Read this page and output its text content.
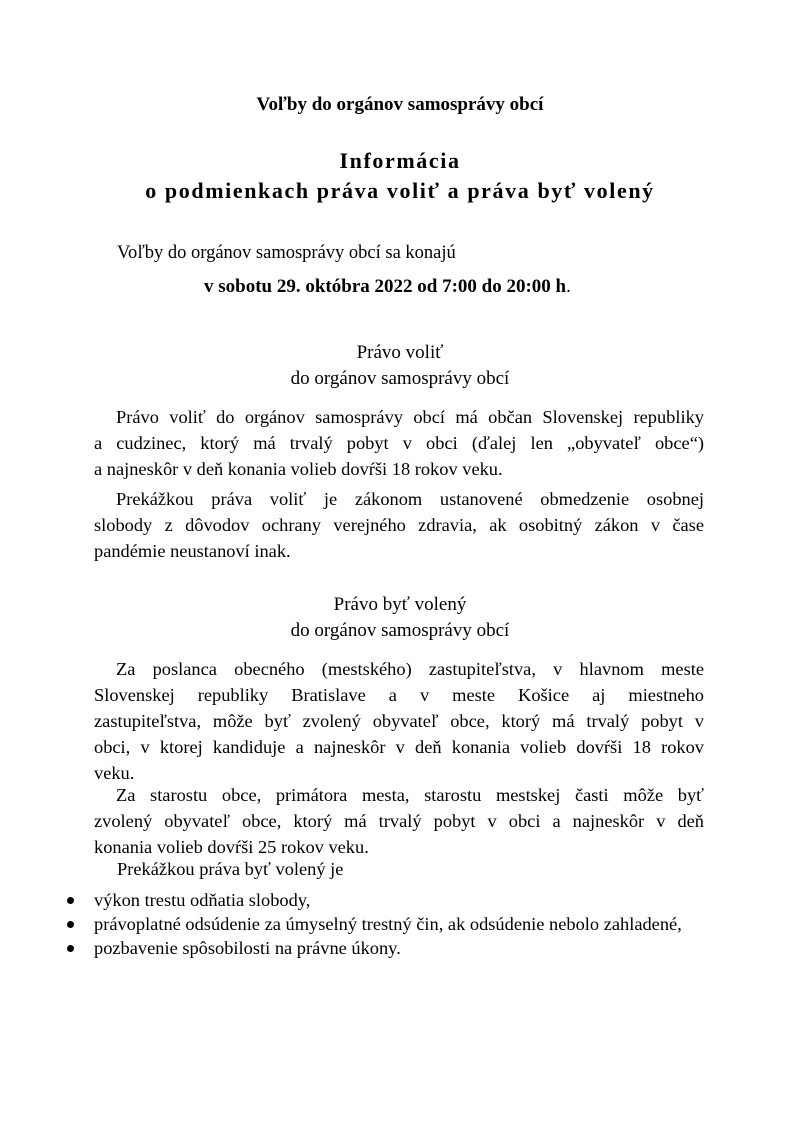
Voľby do orgánov samosprávy obcí
Informácia
o podmienkach práva voliť a práva byť volený
Voľby do orgánov samosprávy obcí sa konajú
v sobotu 29. októbra 2022 od 7:00 do 20:00 h.
Právo voliť
do orgánov samosprávy obcí
Právo voliť do orgánov samosprávy obcí má občan Slovenskej republiky
a cudzinec, ktorý má trvalý pobyt v obci (ďalej len „obyvateľ obce“)
a najneskôr v deň konania volieb dovŕši 18 rokov veku.
Prekážkou práva voliť je zákonom ustanovené obmedzenie osobnej
slobody z dôvodov ochrany verejného zdravia, ak osobitný zákon v čase
pandémie neustanoví inak.
Právo byť volený
do orgánov samosprávy obcí
Za poslanca obecného (mestského) zastupiteľstva, v hlavnom meste
Slovenskej republiky Bratislave a v meste Košice aj miestneho
zastupiteľstva, môže byť zvolený obyvateľ obce, ktorý má trvalý pobyt v
obci, v ktorej kandiduje a najneskôr v deň konania volieb dovŕši 18 rokov
veku.
Za starostu obce, primátora mesta, starostu mestskej časti môže byť
zvolený obyvateľ obce, ktorý má trvalý pobyt v obci a najneskôr v deň
konania volieb dovŕši 25 rokov veku.
Prekážkou práva byť volený je
výkon trestu odňatia slobody,
právoplatné odsúdenie za úmyselný trestný čin, ak odsúdenie nebolo zahladené,
pozbavenie spôsobilosti na právne úkony.
